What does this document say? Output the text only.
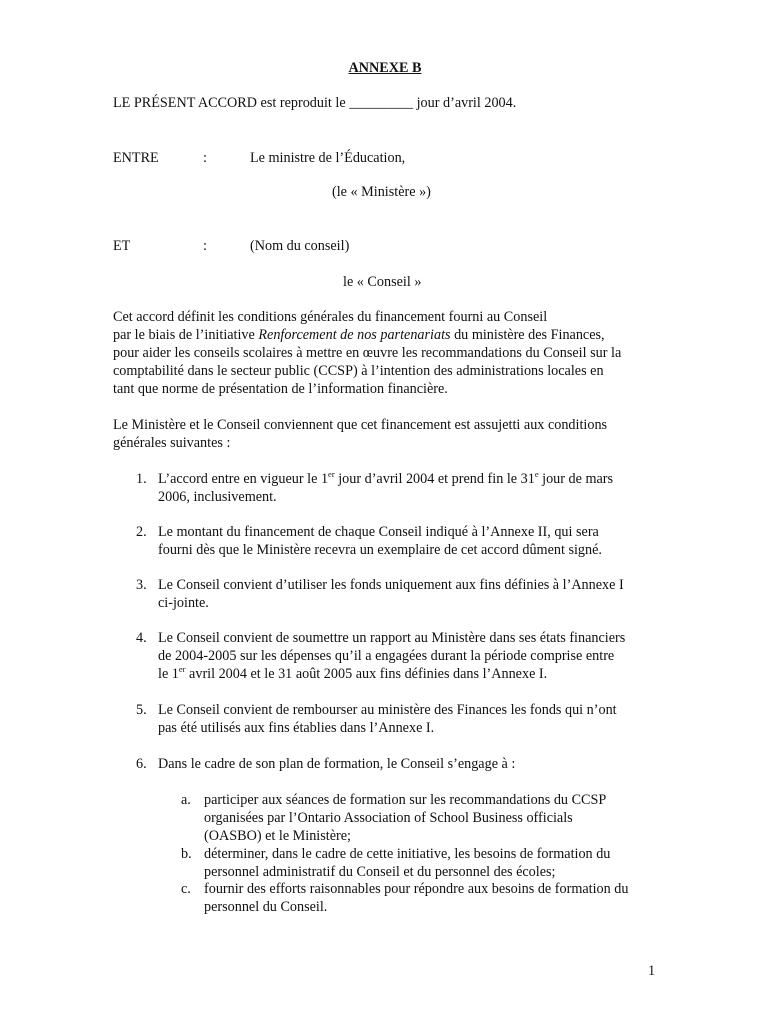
ANNEXE B
LE PRÉSENT ACCORD est reproduit le _________ jour d’avril 2004.
ENTRE	:	Le ministre de l’Éducation,
(le « Ministère »)
ET	:	(Nom du conseil)
le « Conseil »

Cet accord définit les conditions générales du financement fourni au Conseil

par le biais de l’initiative Renforcement de nos partenariats du ministère des Finances,

pour aider les conseils scolaires à mettre en œuvre les recommandations du Conseil sur la

comptabilité dans le secteur public (CCSP) à l’intention des administrations locales en

tant que norme de présentation de l’information financière.

Le Ministère et le Conseil conviennent que cet financement est assujetti aux conditions

générales suivantes :

1. L’accord entre en vigueur le 1er jour d’avril 2004 et prend fin le 31e jour de mars
2006, inclusivement.
2. Le montant du financement de chaque Conseil indiqué à l’Annexe II, qui sera
fourni dès que le Ministère recevra un exemplaire de cet accord dûment signé.
3. Le Conseil convient d’utiliser les fonds uniquement aux fins définies à l’Annexe I
ci-jointe.
4. Le Conseil convient de soumettre un rapport au Ministère dans ses états financiers
de 2004-2005 sur les dépenses qu’il a engagées durant la période comprise entre
le 1er avril 2004 et le 31 août 2005 aux fins définies dans l’Annexe I.
5. Le Conseil convient de rembourser au ministère des Finances les fonds qui n’ont
pas été utilisés aux fins établies dans l’Annexe I.
6. Dans le cadre de son plan de formation, le Conseil s’engage à :
a. participer aux séances de formation sur les recommandations du CCSP
organisées par l’Ontario Association of School Business officials
(OASBO) et le Ministère;
b. déterminer, dans le cadre de cette initiative, les besoins de formation du
personnel administratif du Conseil et du personnel des écoles;
c. fournir des efforts raisonnables pour répondre aux besoins de formation du
personnel du Conseil.
1
